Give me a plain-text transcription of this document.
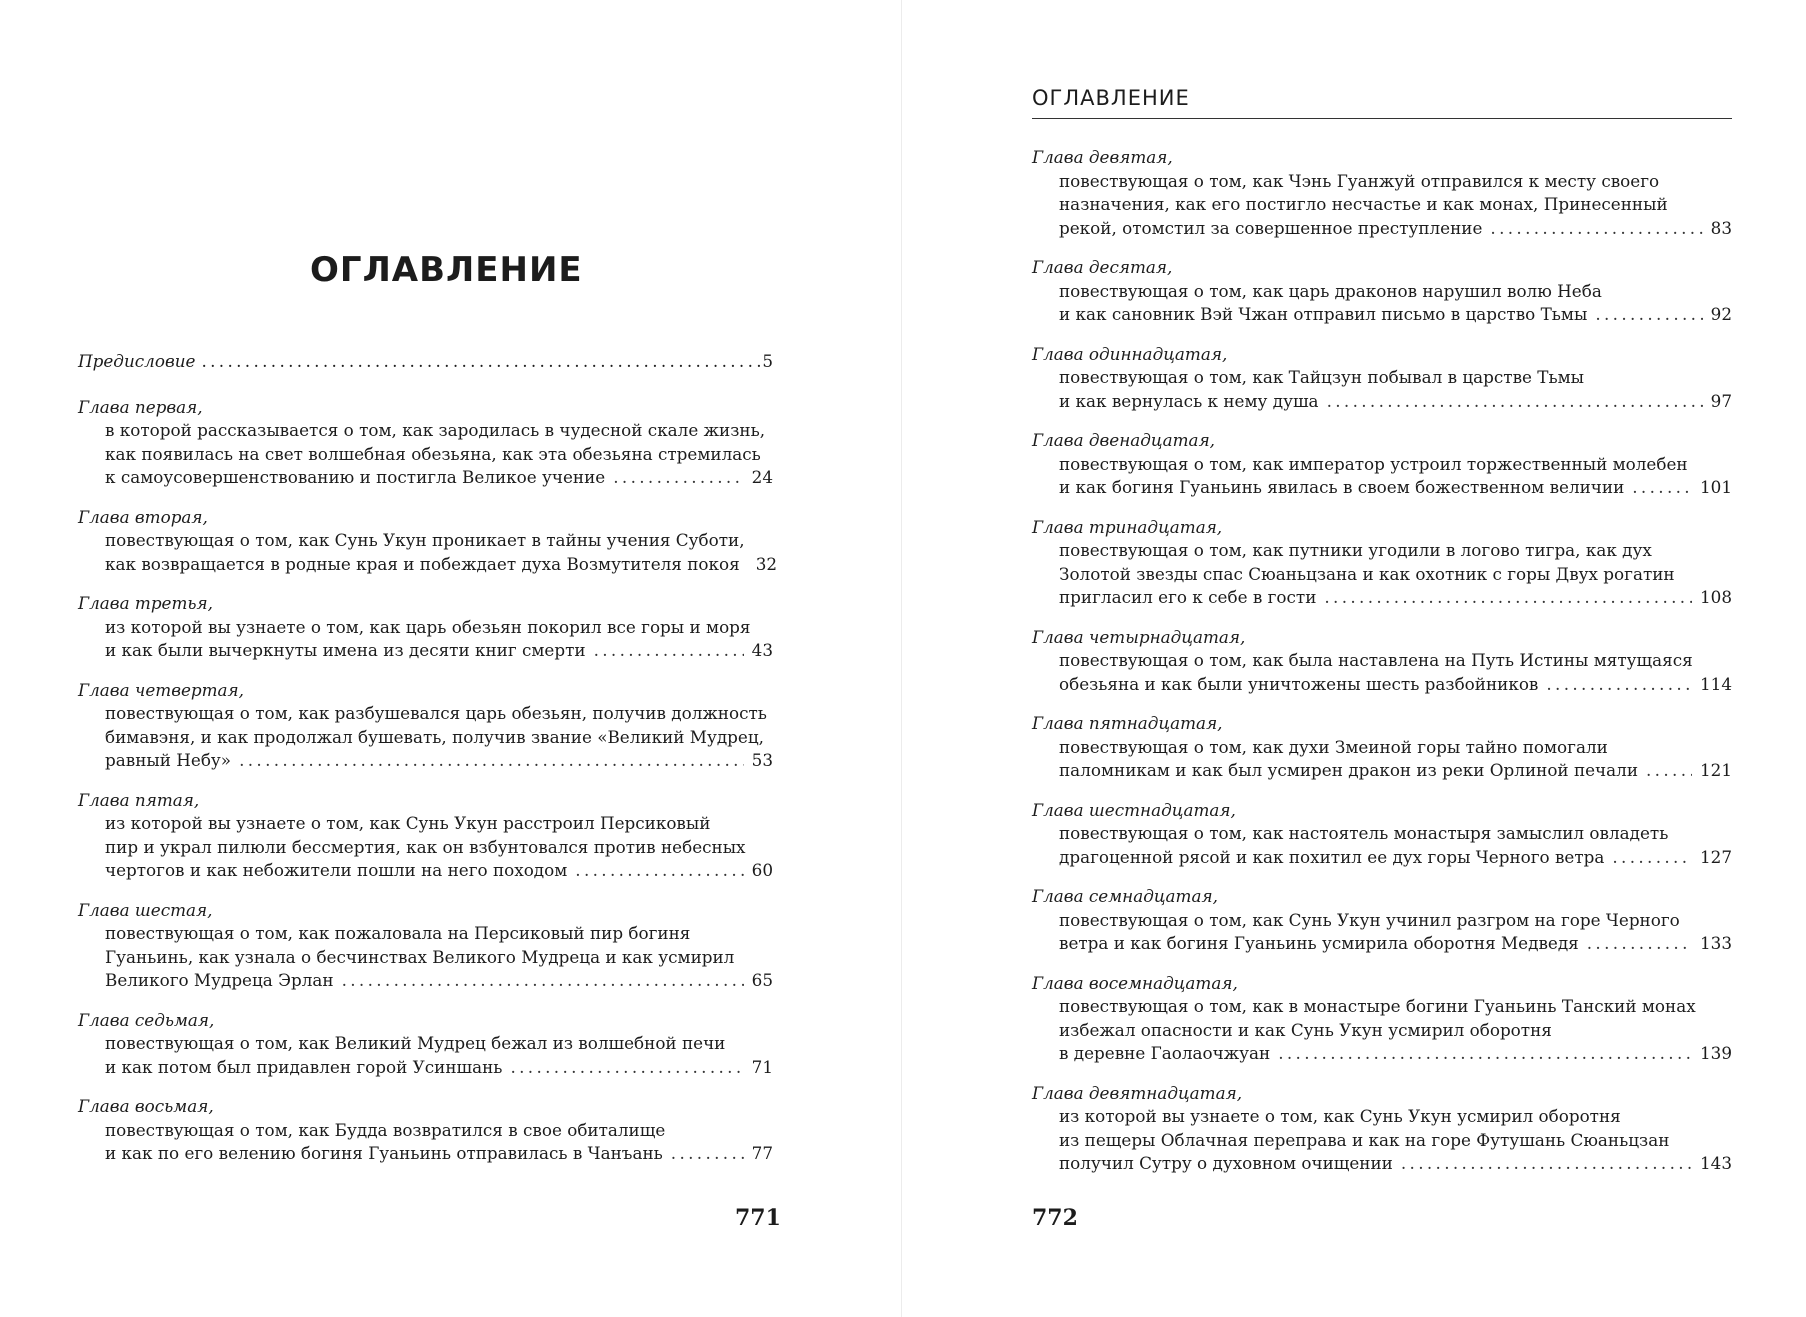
ОГЛАВЛЕНИЕ
Предисловие . . .	5
Глава первая,
в которой рассказывается о том, как зародилась в чудесной скале жизнь,
как появилась на свет волшебная обезьяна, как эта обезьяна стремилась
к самоусовершенствованию и постигла Великое учение . . .	24
Глава вторая,
повествующая о том, как Сунь Укун проникает в тайны учения Суботи,
как возвращается в родные края и побеждает духа Возмутителя покоя 32
Глава третья,
из которой вы узнаете о том, как царь обезьян покорил все горы и моря
и как были вычеркнуты имена из десяти книг смерти . . .	43
Глава четвертая,
повествующая о том, как разбушевался царь обезьян, получив должность
бимавэня, и как продолжал бушевать, получив звание «Великий Мудрец,
равный Небу» . . .	53
Глава пятая,
из которой вы узнаете о том, как Сунь Укун расстроил Персиковый
пир и украл пилюли бессмертия, как он взбунтовался против небесных
чертогов и как небожители пошли на него походом . . .	60
Глава шестая,
повествующая о том, как пожаловала на Персиковый пир богиня
Гуаньинь, как узнала о бесчинствах Великого Мудреца и как усмирил
Великого Мудреца Эрлан . . .	65
Глава седьмая,
повествующая о том, как Великий Мудрец бежал из волшебной печи
и как потом был придавлен горой Усиншань . . .	71
Глава восьмая,
повествующая о том, как Будда возвратился в свое обиталище
и как по его велению богиня Гуаньинь отправилась в Чанъань . . .	77
771
ОГЛАВЛЕНИЕ
Глава девятая,
повествующая о том, как Чэнь Гуанжуй отправился к месту своего
назначения, как его постигло несчастье и как монах, Принесенный
рекой, отомстил за совершенное преступление . . .	83
Глава десятая,
повествующая о том, как царь драконов нарушил волю Неба
и как сановник Вэй Чжан отправил письмо в царство Тьмы . . .	92
Глава одиннадцатая,
повествующая о том, как Тайцзун побывал в царстве Тьмы
и как вернулась к нему душа . . .	97
Глава двенадцатая,
повествующая о том, как император устроил торжественный молебен
и как богиня Гуаньинь явилась в своем божественном величии . . .	101
Глава тринадцатая,
повествующая о том, как путники угодили в логово тигра, как дух
Золотой звезды спас Сюаньцзана и как охотник с горы Двух рогатин
пригласил его к себе в гости . . .	108
Глава четырнадцатая,
повествующая о том, как была наставлена на Путь Истины мятущаяся
обезьяна и как были уничтожены шесть разбойников . . .	114
Глава пятнадцатая,
повествующая о том, как духи Змеиной горы тайно помогали
паломникам и как был усмирен дракон из реки Орлиной печали . . .	121
Глава шестнадцатая,
повествующая о том, как настоятель монастыря замыслил овладеть
драгоценной рясой и как похитил ее дух горы Черного ветра . . .	127
Глава семнадцатая,
повествующая о том, как Сунь Укун учинил разгром на горе Черного
ветра и как богиня Гуаньинь усмирила оборотня Медведя . . .	133
Глава восемнадцатая,
повествующая о том, как в монастыре богини Гуаньинь Танский монах
избежал опасности и как Сунь Укун усмирил оборотня
в деревне Гаолаочжуан . . .	139
Глава девятнадцатая,
из которой вы узнаете о том, как Сунь Укун усмирил оборотня
из пещеры Облачная переправа и как на горе Футушань Сюаньцзан
получил Сутру о духовном очищении . . .	143
772
